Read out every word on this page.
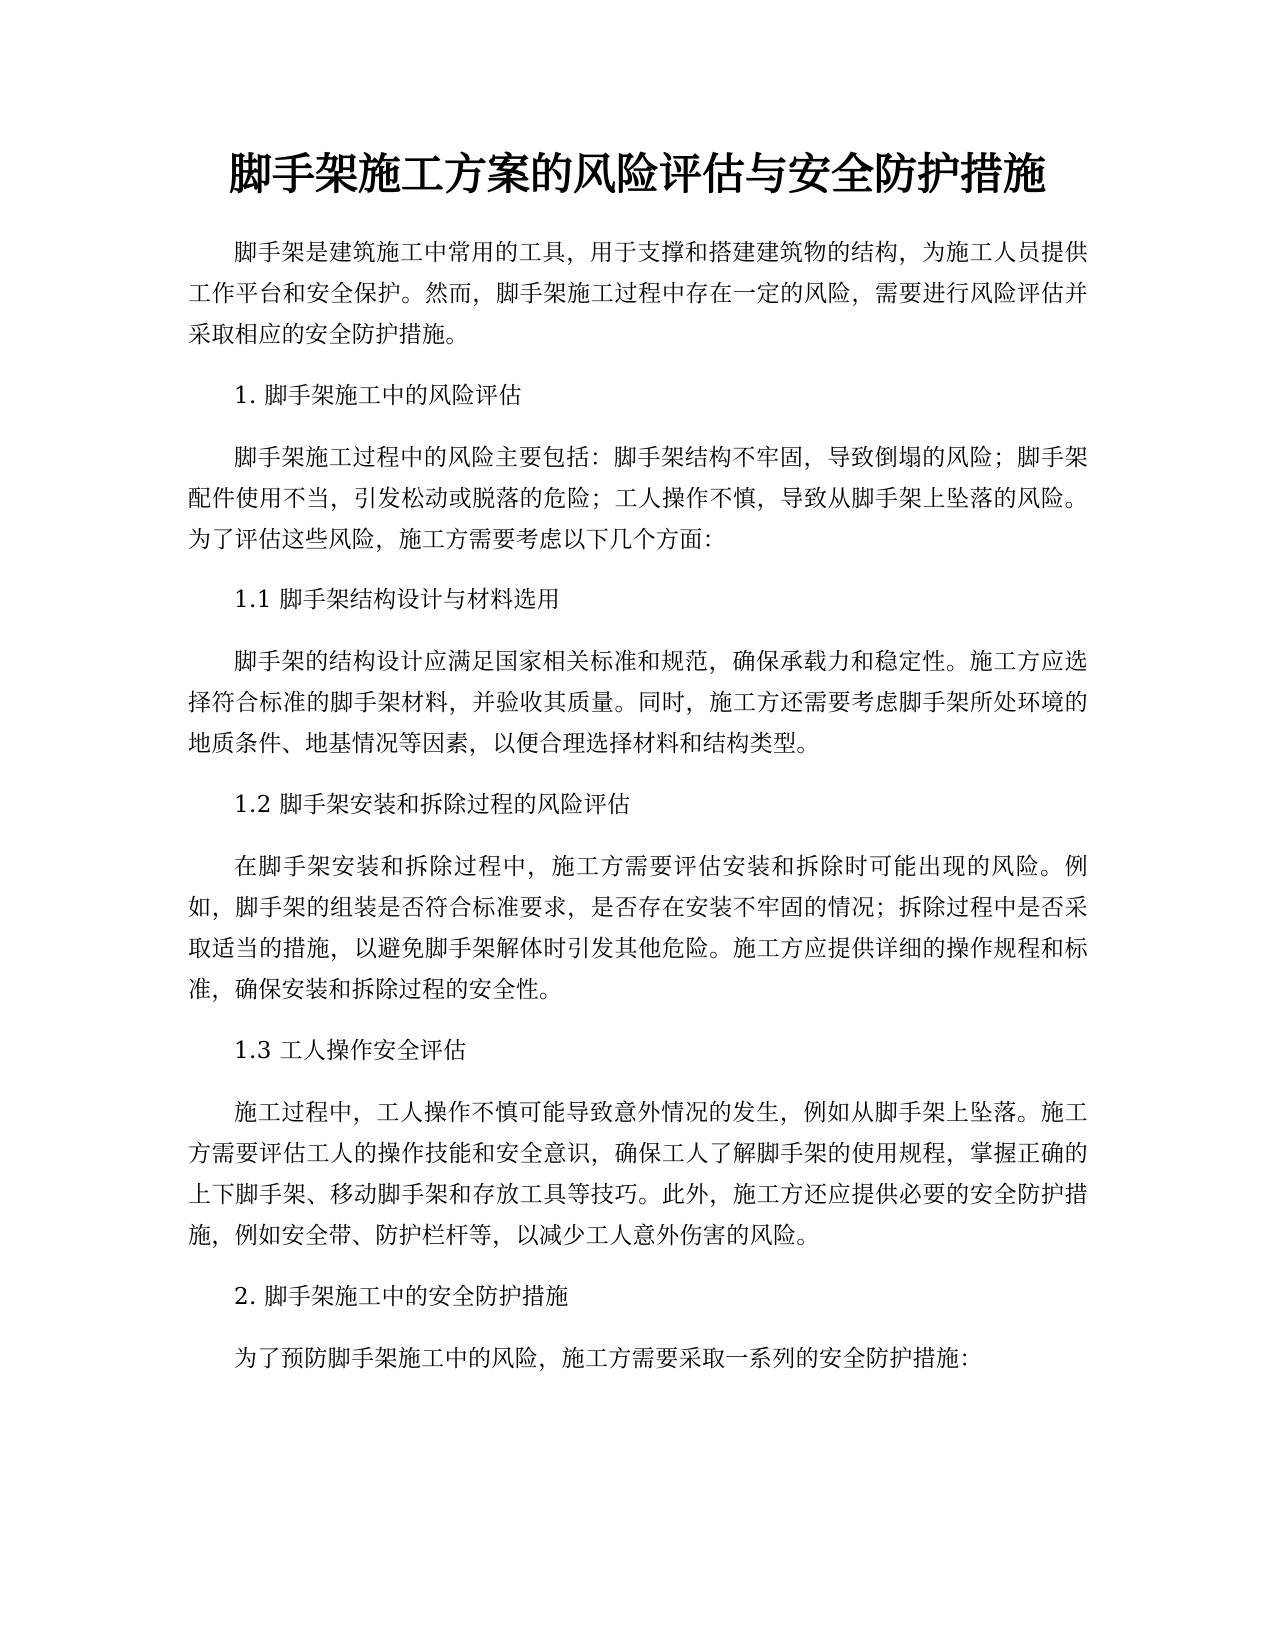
脚手架施工方案的风险评估与安全防护措施

脚手架是建筑施工中常用的工具，用于支撑和搭建建筑物的结构，为施工人员提供工作平台和安全保护。然而，脚手架施工过程中存在一定的风险，需要进行风险评估并采取相应的安全防护措施。

1. 脚手架施工中的风险评估

脚手架施工过程中的风险主要包括：脚手架结构不牢固，导致倒塌的风险；脚手架配件使用不当，引发松动或脱落的危险；工人操作不慎，导致从脚手架上坠落的风险。为了评估这些风险，施工方需要考虑以下几个方面：

1.1 脚手架结构设计与材料选用

脚手架的结构设计应满足国家相关标准和规范，确保承载力和稳定性。施工方应选择符合标准的脚手架材料，并验收其质量。同时，施工方还需要考虑脚手架所处环境的地质条件、地基情况等因素，以便合理选择材料和结构类型。

1.2 脚手架安装和拆除过程的风险评估

在脚手架安装和拆除过程中，施工方需要评估安装和拆除时可能出现的风险。例如，脚手架的组装是否符合标准要求，是否存在安装不牢固的情况；拆除过程中是否采取适当的措施，以避免脚手架解体时引发其他危险。施工方应提供详细的操作规程和标准，确保安装和拆除过程的安全性。

1.3 工人操作安全评估

施工过程中，工人操作不慎可能导致意外情况的发生，例如从脚手架上坠落。施工方需要评估工人的操作技能和安全意识，确保工人了解脚手架的使用规程，掌握正确的上下脚手架、移动脚手架和存放工具等技巧。此外，施工方还应提供必要的安全防护措施，例如安全带、防护栏杆等，以减少工人意外伤害的风险。

2. 脚手架施工中的安全防护措施

为了预防脚手架施工中的风险，施工方需要采取一系列的安全防护措施：
